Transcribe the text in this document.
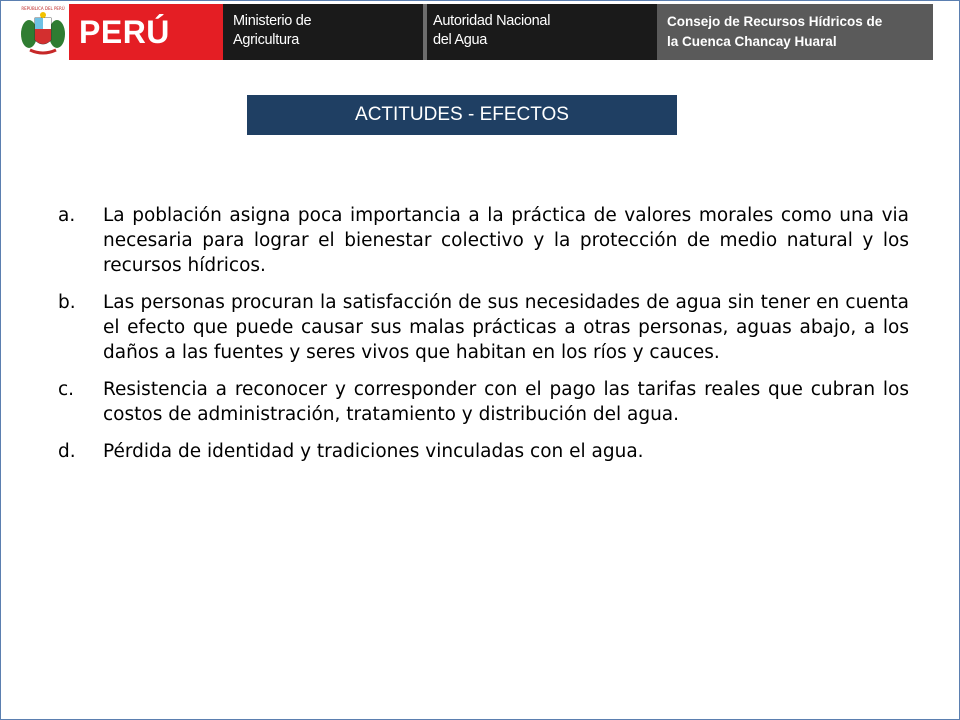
REPÚBLICA DEL PERÚ
PERÚ	Ministerio de
Agricultura
Autoridad Nacional
del Agua
Consejo de Recursos Hídricos de
la Cuenca Chancay Huaral
ACTITUDES - EFECTOS
a. La población asigna poca importancia a la práctica de valores morales como una via necesaria para lograr el bienestar colectivo y la protección de medio natural y los recursos hídricos.
b. Las personas procuran la satisfacción de sus necesidades de agua sin tener en cuenta el efecto que puede causar sus malas prácticas a otras personas, aguas abajo, a los daños a las fuentes y seres vivos que habitan en los ríos y cauces.
c. Resistencia a reconocer y corresponder con el pago las tarifas reales que cubran los costos de administración, tratamiento y distribución del agua.
d. Pérdida de identidad y tradiciones vinculadas con el agua.
